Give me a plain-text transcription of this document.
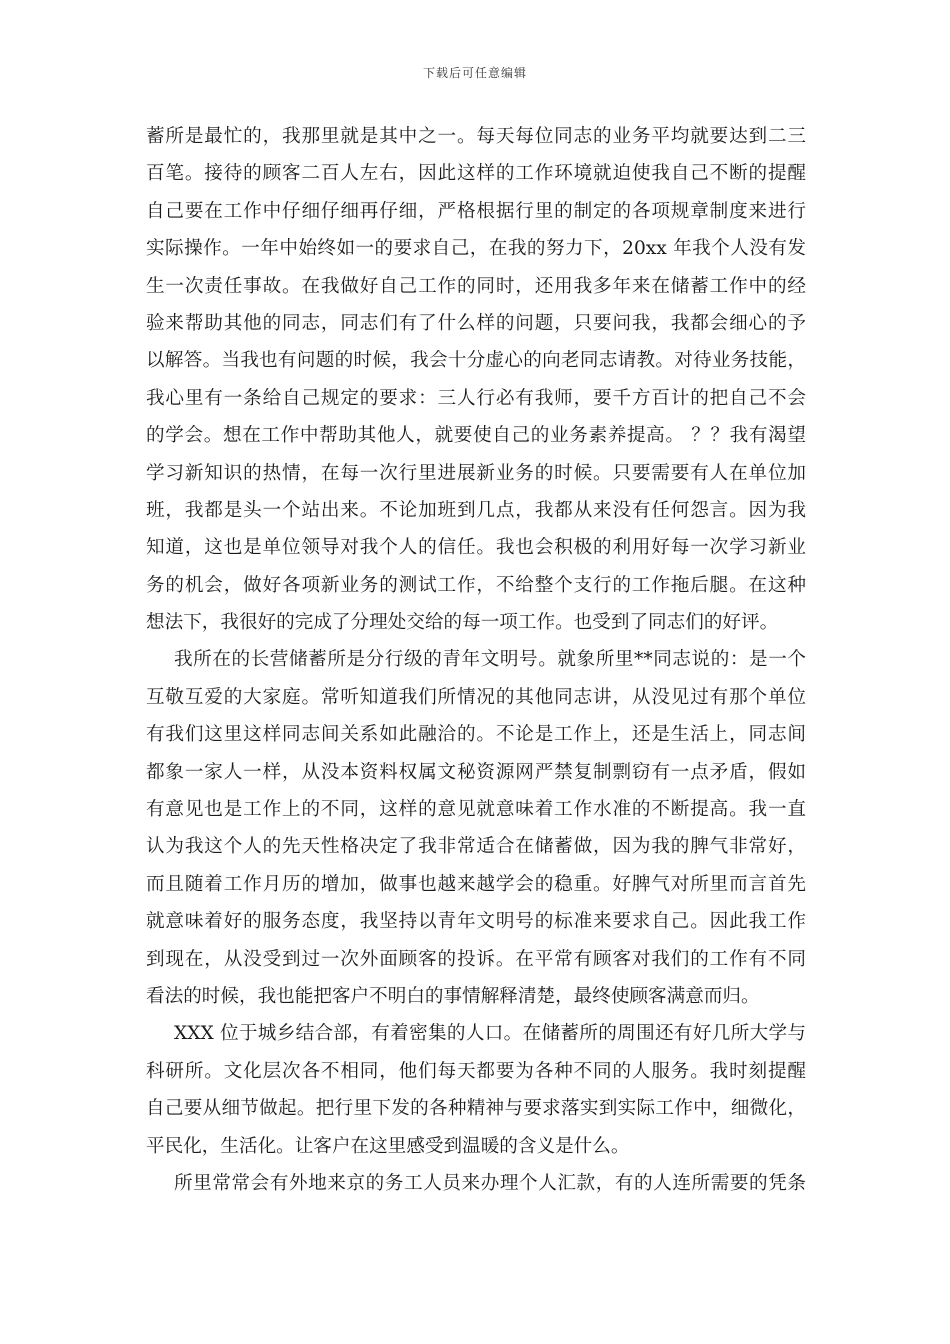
下载后可任意编辑
蓄所是最忙的，我那里就是其中之一。每天每位同志的业务平均就要达到二三
百笔。接待的顾客二百人左右，因此这样的工作环境就迫使我自己不断的提醒
自己要在工作中仔细仔细再仔细，严格根据行里的制定的各项规章制度来进行
实际操作。一年中始终如一的要求自己，在我的努力下，20xx 年我个人没有发
生一次责任事故。在我做好自己工作的同时，还用我多年来在储蓄工作中的经
验来帮助其他的同志，同志们有了什么样的问题，只要问我，我都会细心的予
以解答。当我也有问题的时候，我会十分虚心的向老同志请教。对待业务技能，
我心里有一条给自己规定的要求：三人行必有我师，要千方百计的把自己不会
的学会。想在工作中帮助其他人，就要使自己的业务素养提高。 ？？我有渴望
学习新知识的热情，在每一次行里进展新业务的时候。只要需要有人在单位加
班，我都是头一个站出来。不论加班到几点，我都从来没有任何怨言。因为我
知道，这也是单位领导对我个人的信任。我也会积极的利用好每一次学习新业
务的机会，做好各项新业务的测试工作，不给整个支行的工作拖后腿。在这种
想法下，我很好的完成了分理处交给的每一项工作。也受到了同志们的好评。
我所在的长营储蓄所是分行级的青年文明号。就象所里**同志说的：是一个
互敬互爱的大家庭。常听知道我们所情况的其他同志讲，从没见过有那个单位
有我们这里这样同志间关系如此融洽的。不论是工作上，还是生活上，同志间
都象一家人一样，从没本资料权属文秘资源网严禁复制剽窃有一点矛盾，假如
有意见也是工作上的不同，这样的意见就意味着工作水准的不断提高。我一直
认为我这个人的先天性格决定了我非常适合在储蓄做，因为我的脾气非常好，
而且随着工作月历的增加，做事也越来越学会的稳重。好脾气对所里而言首先
就意味着好的服务态度，我坚持以青年文明号的标准来要求自己。因此我工作
到现在，从没受到过一次外面顾客的投诉。在平常有顾客对我们的工作有不同
看法的时候，我也能把客户不明白的事情解释清楚，最终使顾客满意而归。
XXX 位于城乡结合部，有着密集的人口。在储蓄所的周围还有好几所大学与
科研所。文化层次各不相同，他们每天都要为各种不同的人服务。我时刻提醒
自己要从细节做起。把行里下发的各种精神与要求落实到实际工作中，细微化，
平民化，生活化。让客户在这里感受到温暖的含义是什么。
所里常常会有外地来京的务工人员来办理个人汇款，有的人连所需要的凭条
